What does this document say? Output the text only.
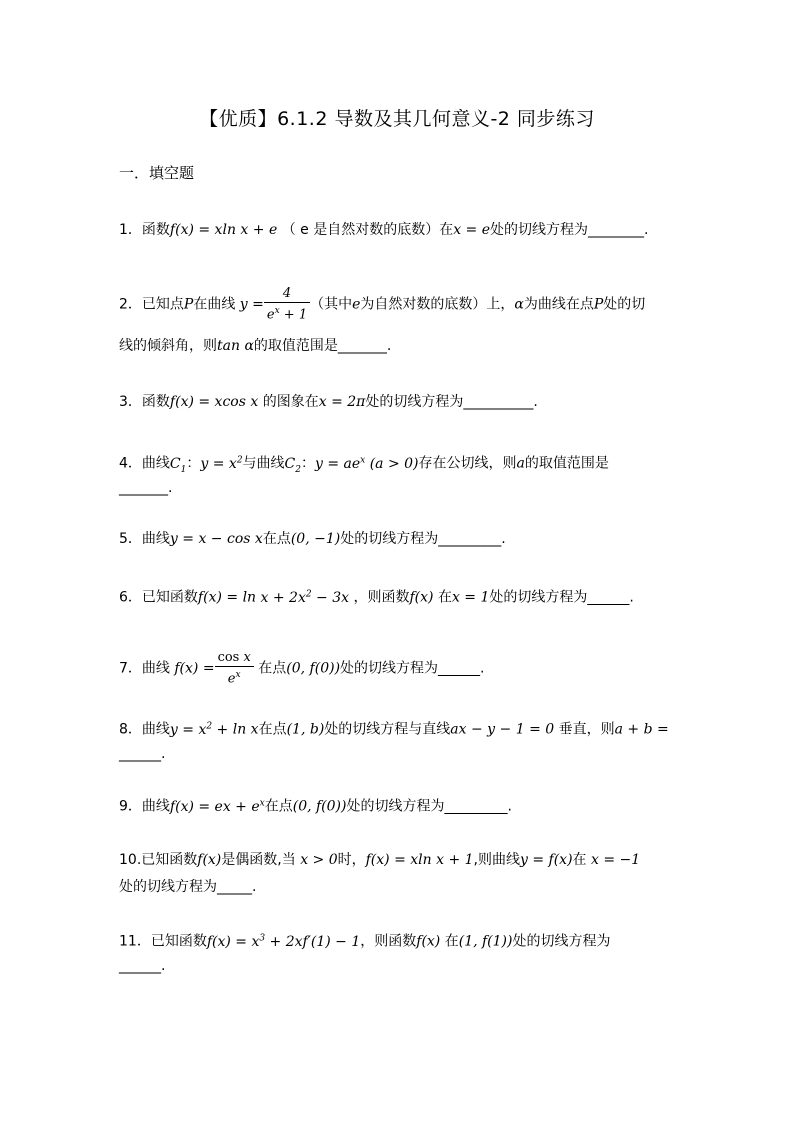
【优质】6.1.2 导数及其几何意义-2 同步练习
一．填空题
1．函数f(x) = xln x + e （ e 是自然对数的底数）在x = e处的切线方程为________.
2．已知点P在曲线 $y = \frac{4}{e^x + 1}$ （其中e为自然对数的底数）上，α为曲线在点P处的切
线的倾斜角，则tan α的取值范围是_______.
3．函数f(x) = xcos x 的图象在x = 2π处的切线方程为__________.
4．曲线$C_1$：$y = x^2$与曲线$C_2$：$y = ae^x$ (a > 0)存在公切线，则a的取值范围是
_______.
5．曲线y = x − cos x在点(0, −1)处的切线方程为_________.
6．已知函数$f(x) = \ln x + 2x^2 - 3x$ ，则函数f(x) 在x = 1处的切线方程为______.
7．曲线 $f(x) = \frac{\text{cos x}}{e^x}$ 在点(0, f(0))处的切线方程为______.
8．曲线$y = x^2 + \ln x$在点(1, b)处的切线方程与直线ax − y − 1 = 0 垂直，则a + b =
______.
9．曲线f(x) = ex + $e^x$在点(0, f(0))处的切线方程为_________.
10.已知函数f(x)是偶函数,当 x > 0时，f(x) = xln x + 1,则曲线y = f(x)在 x = −1
处的切线方程为_____.
11．已知函数$f(x) = x^3 + 2xf'(1) - 1$，则函数f(x) 在(1, f(1))处的切线方程为
______.
